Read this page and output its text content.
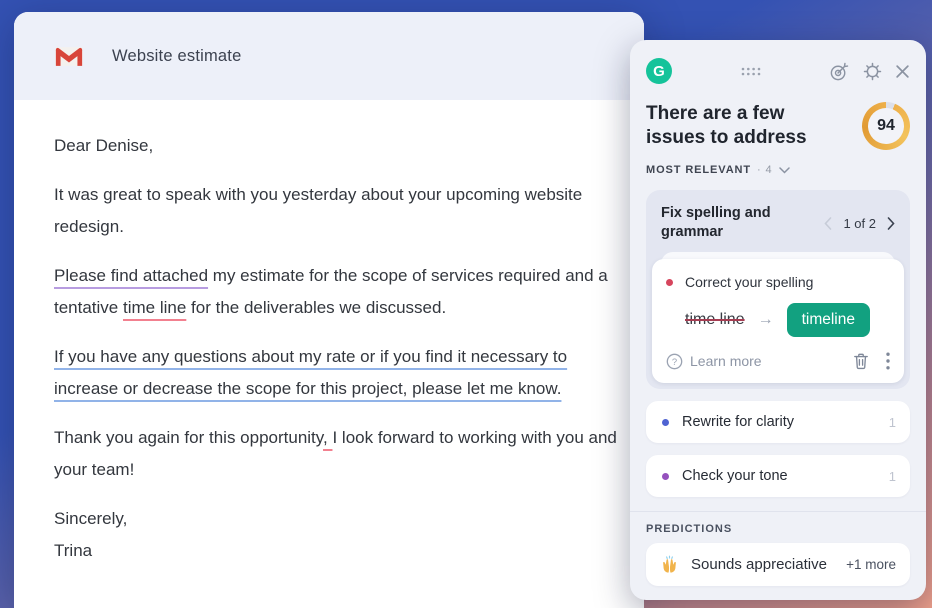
Website estimate

Dear Denise,

It was great to speak with you yesterday about your upcoming website redesign.

Please find attached my estimate for the scope of services required and a tentative time line for the deliverables we discussed.

If you have any questions about my rate or if you find it necessary to increase or decrease the scope for this project, please let me know.

Thank you again for this opportunity, I look forward to working with you and your team!

Sincerely,

Trina

G
There are a few issues to address
94
MOST RELEVANT · 4
Fix spelling and grammar
1 of 2
Correct your spelling
time line →	timeline
? Learn more
Rewrite for clarity	1
Check your tone	1
PREDICTIONS
Sounds appreciative +1 more
